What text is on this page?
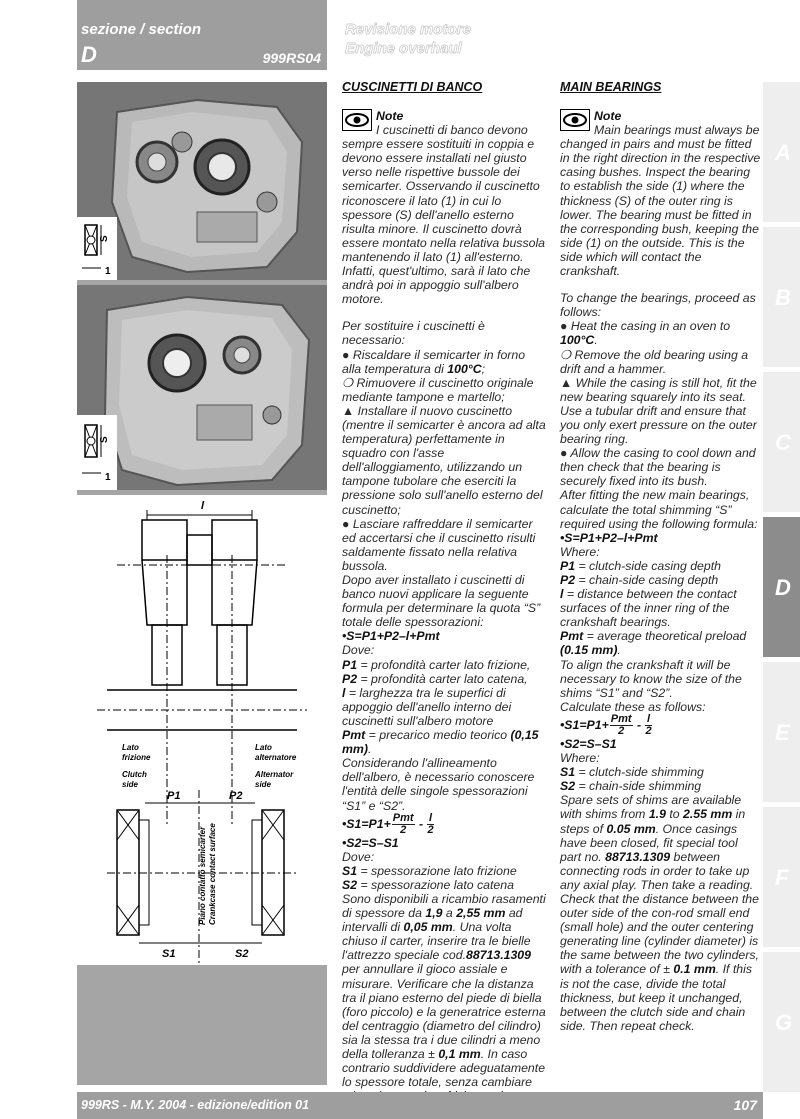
sezione / section
D	999RS04
Revisione motore
Engine overhaul
S
1
S
1
l
Lato
frizione
Clutch
side
Lato
alternatore
Alternator
side
P1	P2
Piano contatto semicarter Crankcase contact surface
S1	S2
CUSCINETTI DI BANCO
Note

I cuscinetti di banco devono sempre essere sostituiti in coppia e devono essere installati nel giusto verso nelle rispettive bussole dei semicarter. Osservando il cuscinetto riconoscere il lato (1) in cui lo spessore (S) dell'anello esterno risulta minore. Il cuscinetto dovrà essere montato nella relativa bussola mantenendo il lato (1) all'esterno. Infatti, quest'ultimo, sarà il lato che andrà poi in appoggio sull'albero motore.

Per sostituire i cuscinetti è necessario:

● Riscaldare il semicarter in forno alla temperatura di 100°C;

❍ Rimuovere il cuscinetto originale mediante tampone e martello;

▲ Installare il nuovo cuscinetto (mentre il semicarter è ancora ad alta temperatura) perfettamente in squadro con l'asse dell'alloggiamento, utilizzando un tampone tubolare che eserciti la pressione solo sull'anello esterno del cuscinetto;

● Lasciare raffreddare il semicarter ed accertarsi che il cuscinetto risulti saldamente fissato nella relativa bussola.

Dopo aver installato i cuscinetti di banco nuovi applicare la seguente formula per determinare la quota “S” totale delle spessorazioni:

•S=P1+P2–l+Pmt

Dove:

P1 = profondità carter lato frizione,

P2 = profondità carter lato catena,

l = larghezza tra le superfici di appoggio dell'anello interno dei cuscinetti sull'albero motore

Pmt = precarico medio teorico (0,15 mm).

Considerando l'allineamento dell'albero, è necessario conoscere l'entità delle singole spessorazioni “S1” e “S2”.

•S1=P1+ $\frac{\text{Pmt}}{2} - \frac{l}{2}$

•S2=S–S1

Dove:

S1 = spessorazione lato frizione

S2 = spessorazione lato catena

Sono disponibili a ricambio rasamenti di spessore da 1,9 a 2,55 mm ad intervalli di 0,05 mm. Una volta chiuso il carter, inserire tra le bielle l'attrezzo speciale cod.88713.1309 per annullare il gioco assiale e misurare. Verificare che la distanza tra il piano esterno del piede di biella (foro piccolo) e la generatrice esterna del centraggio (diametro del cilindro) sia la stessa tra i due cilindri a meno della tolleranza ± 0,1 mm. In caso contrario suddividere adeguatamente lo spessore totale, senza cambiare

MAIN BEARINGS
Note

Main bearings must always be changed in pairs and must be fitted in the right direction in the respective casing bushes. Inspect the bearing to establish the side (1) where the thickness (S) of the outer ring is lower. The bearing must be fitted in the corresponding bush, keeping the side (1) on the outside. This is the side which will contact the crankshaft.

To change the bearings, proceed as follows:

● Heat the casing in an oven to 100°C.

❍ Remove the old bearing using a drift and a hammer.

▲ While the casing is still hot, fit the new bearing squarely into its seat. Use a tubular drift and ensure that you only exert pressure on the outer bearing ring.

● Allow the casing to cool down and then check that the bearing is securely fixed into its bush.

After fitting the new main bearings, calculate the total shimming “S” required using the following formula:

•S=P1+P2–l+Pmt

Where:

P1 = clutch-side casing depth

P2 = chain-side casing depth

l = distance between the contact surfaces of the inner ring of the crankshaft bearings.

Pmt = average theoretical preload (0.15 mm).

To align the crankshaft it will be necessary to know the size of the shims “S1” and “S2”.

Calculate these as follows:

•S1=P1+ $\frac{\text{Pmt}}{2} - \frac{l}{2}$

•S2=S–S1

Where:

S1 = clutch-side shimming

S2 = chain-side shimming

Spare sets of shims are available with shims from 1.9 to 2.55 mm in steps of 0.05 mm. Once casings have been closed, fit special tool part no. 88713.1309 between connecting rods in order to take up any axial play. Then take a reading. Check that the distance between the outer side of the con-rod small end (small hole) and the outer centering generating line (cylinder diameter) is the same between the two cylinders, with a tolerance of ± 0.1 mm. If this is not the case, divide the total thickness, but keep it unchanged, between the clutch side and chain side. Then repeat check.

A
B
C
D
E
F
G
999RS - M.Y. 2004 - edizione/edition 01	107
